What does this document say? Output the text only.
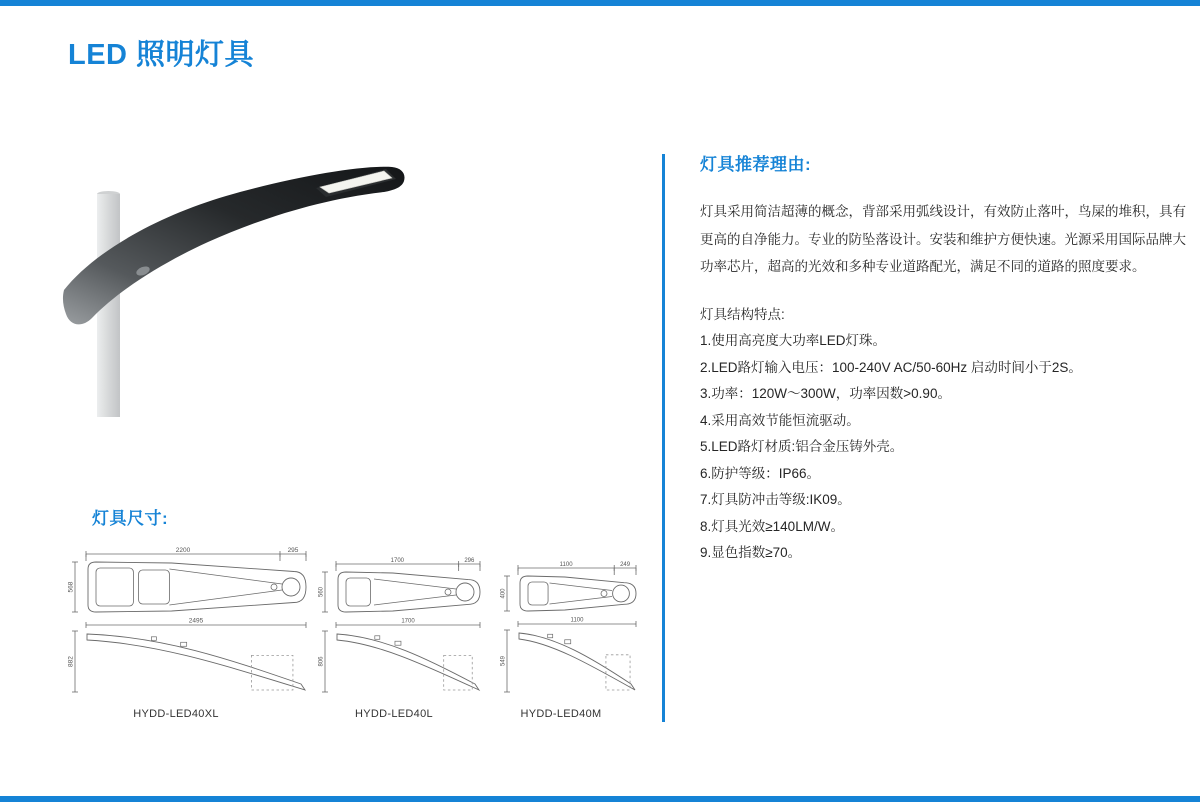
LED 照明灯具
灯具推荐理由:
灯具采用简洁超薄的概念，背部采用弧线设计，有效防止落叶，鸟屎的堆积，具有
更高的自净能力。专业的防坠落设计。安装和维护方便快速。光源采用国际品牌大
功率芯片，超高的光效和多种专业道路配光，满足不同的道路的照度要求。
灯具结构特点:
1.使用高亮度大功率LED灯珠。
2.LED路灯输入电压：100-240V AC/50-60Hz 启动时间小于2S。
3.功率：120W～300W，功率因数>0.90。
4.采用高效节能恒流驱动。
5.LED路灯材质:铝合金压铸外壳。
6.防护等级：IP66。
7.灯具防冲击等级:IK09。
8.灯具光效≥140LM/W。
9.显色指数≥70。
灯具尺寸:
2200	295
568
2495
882
1700	296
560
1700
806
1100	249
400
1100
549
HYDD-LED40XL	HYDD-LED40L	HYDD-LED40M
